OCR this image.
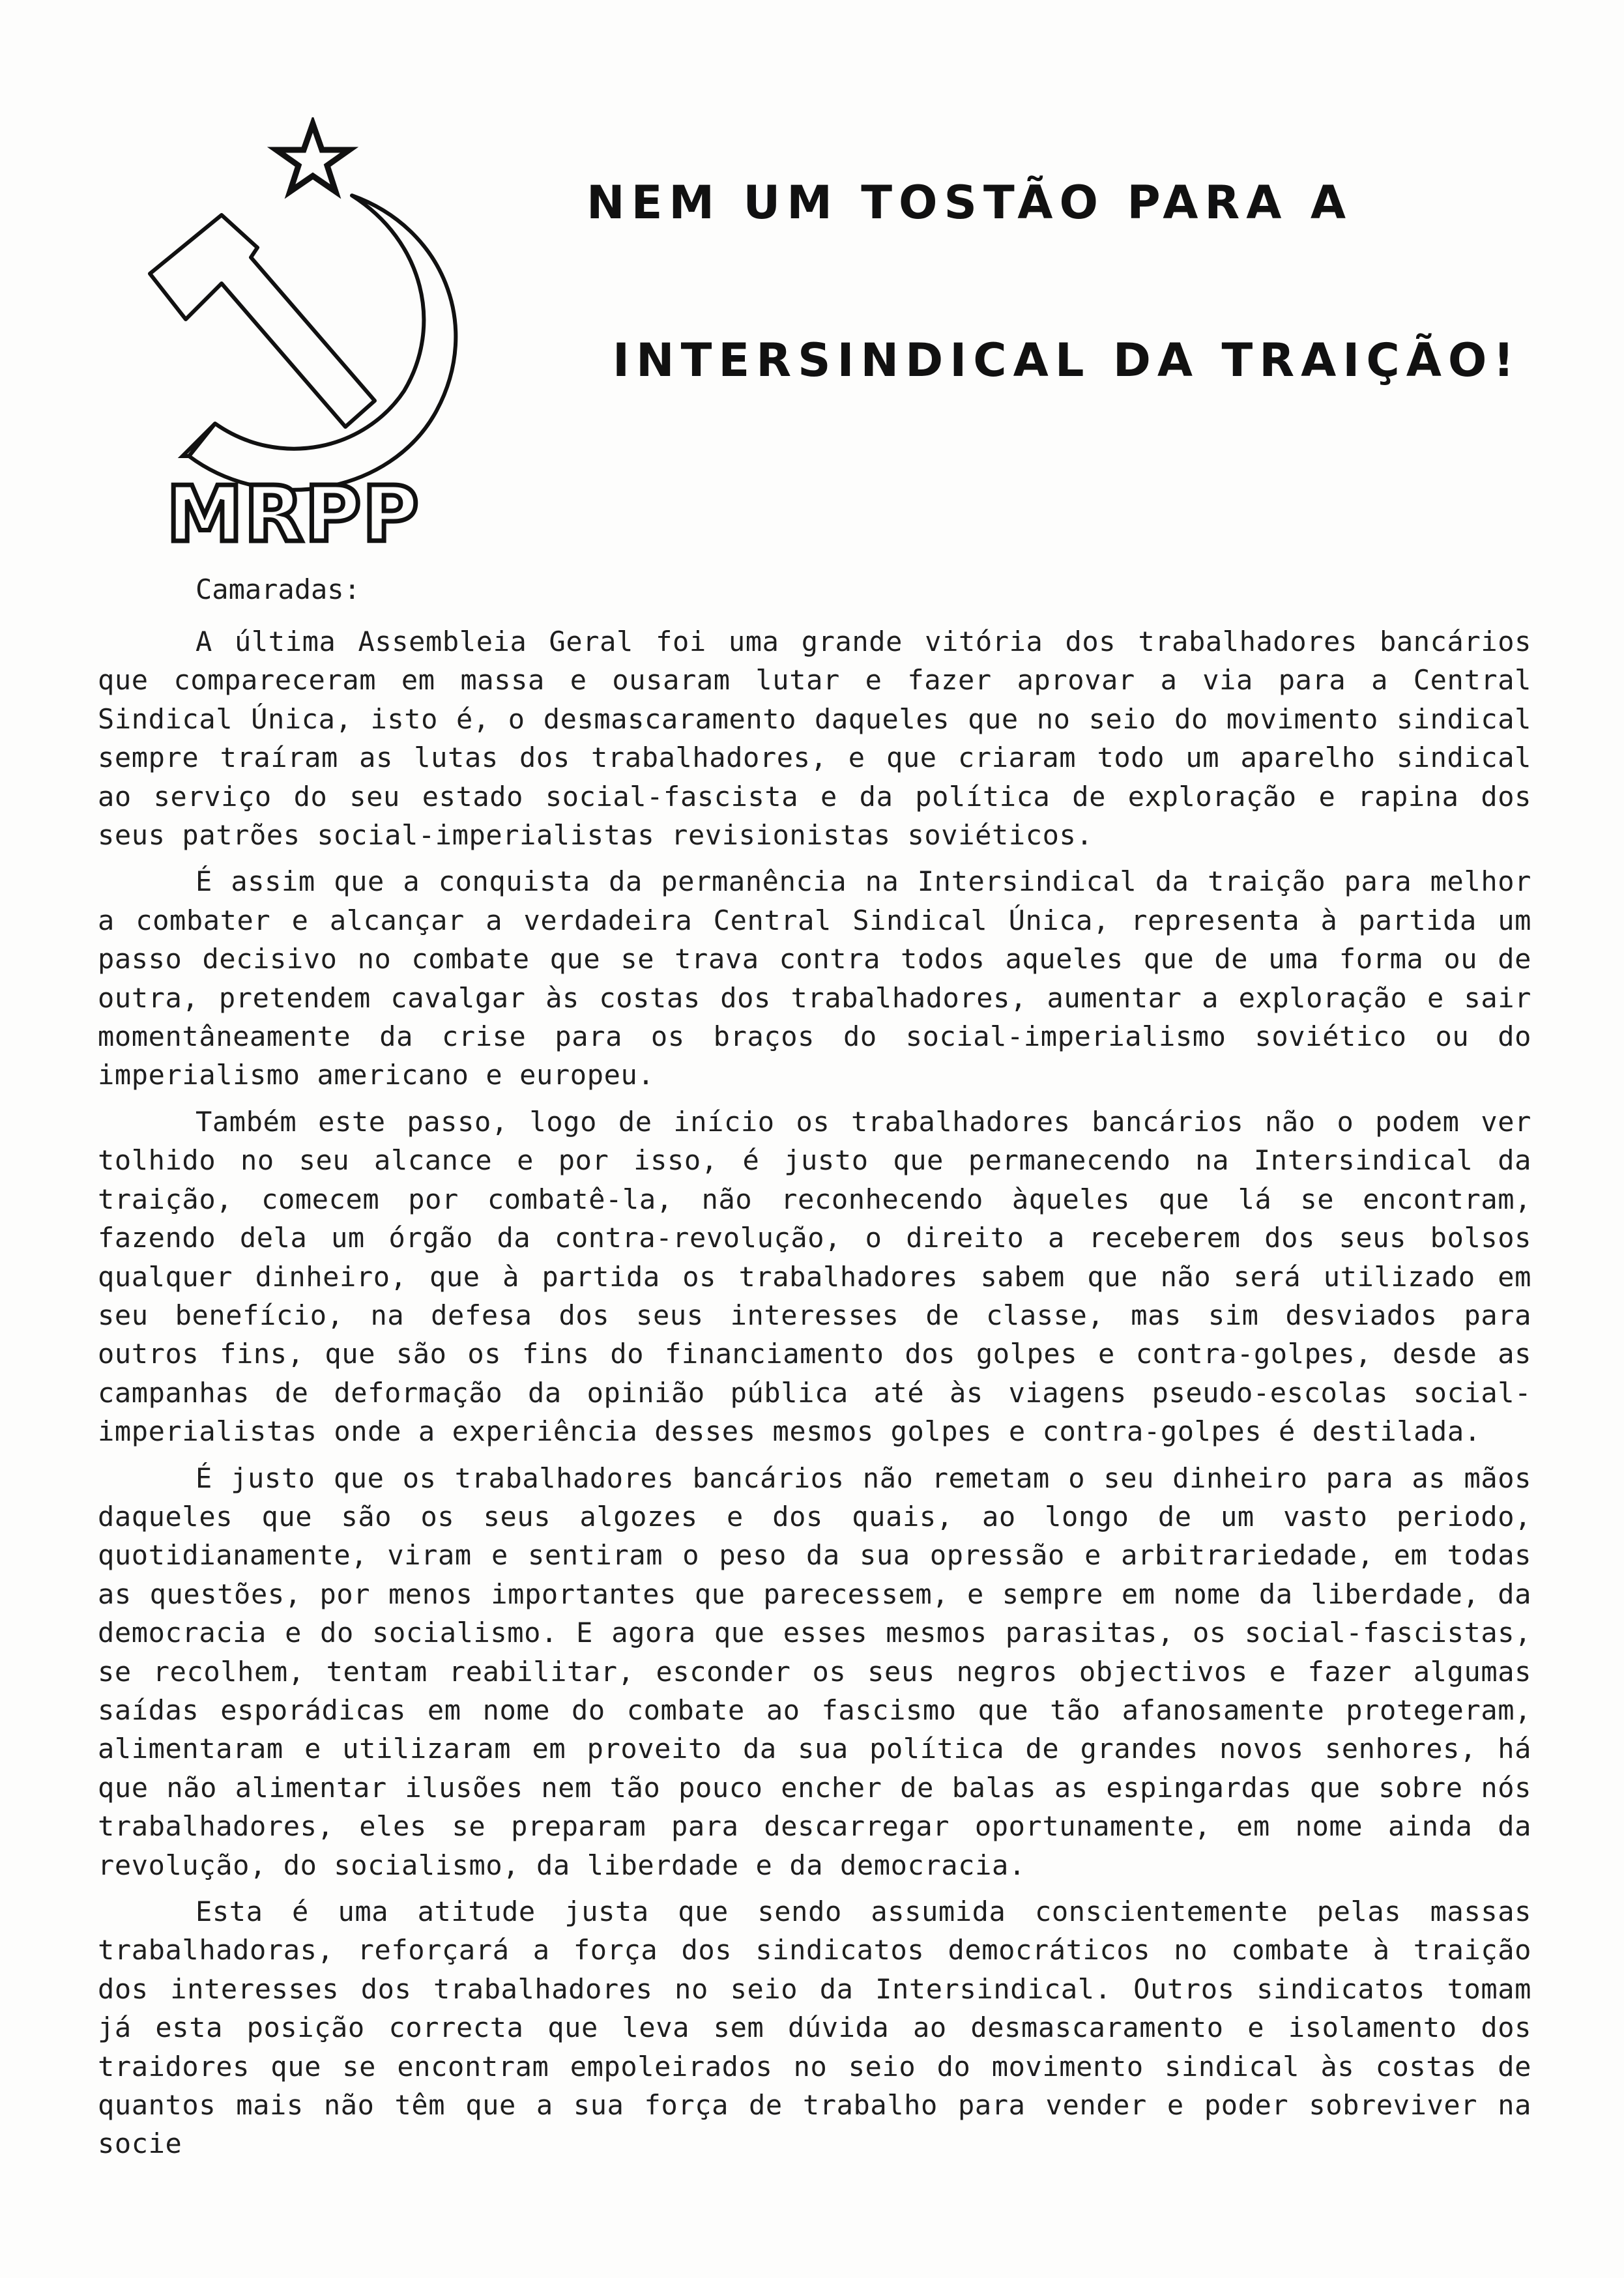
MRPP
NEM UM TOSTÃO PARA A
INTERSINDICAL DA TRAIÇÃO!

Camaradas:

A última Assembleia Geral foi uma grande vitória dos trabalhadores bancários que compareceram em massa e ousaram lutar e fazer aprovar a via para a Central Sindical Única, isto é, o desmascaramento daqueles que no seio do movimento sindical sempre traíram as lutas dos trabalhadores, e que criaram todo um aparelho sindical ao serviço do seu estado social-fascista e da política de exploração e rapina dos seus patrões social-imperialistas revisionistas soviéticos.

É assim que a conquista da permanência na Intersindical da traição para melhor a combater e alcançar a verdadeira Central Sindical Única, representa à partida um passo decisivo no combate que se trava contra todos aqueles que de uma forma ou de outra, pretendem cavalgar às costas dos trabalhadores, aumentar a exploração e sair momentâneamente da crise para os braços do social-imperialismo soviético ou do imperialismo americano e europeu.

Também este passo, logo de início os trabalhadores bancários não o podem ver tolhido no seu alcance e por isso, é justo que permanecendo na Intersindical da traição, comecem por combatê-la, não reconhecendo àqueles que lá se encontram, fazendo dela um órgão da contra-revolução, o direito a receberem dos seus bolsos qualquer dinheiro, que à partida os trabalhadores sabem que não será utilizado em seu benefício, na defesa dos seus interesses de classe, mas sim desviados para outros fins, que são os fins do financiamento dos golpes e contra-golpes, desde as campanhas de deformação da opinião pública até às viagens pseudo-escolas social-imperialistas onde a experiência desses mesmos golpes e contra-golpes é destilada.

É justo que os trabalhadores bancários não remetam o seu dinheiro para as mãos daqueles que são os seus algozes e dos quais, ao longo de um vasto periodo, quotidianamente, viram e sentiram o peso da sua opressão e arbitrariedade, em todas as questões, por menos importantes que parecessem, e sempre em nome da liberdade, da democracia e do socialismo. E agora que esses mesmos parasitas, os social-fascistas, se recolhem, tentam reabilitar, esconder os seus negros objectivos e fazer algumas saídas esporádicas em nome do combate ao fascismo que tão afanosamente protegeram, alimentaram e utilizaram em proveito da sua política de grandes novos senhores, há que não alimentar ilusões nem tão pouco encher de balas as espingardas que sobre nós trabalhadores, eles se preparam para descarregar oportunamente, em nome ainda da revolução, do socialismo, da liberdade e da democracia.

Esta é uma atitude justa que sendo assumida conscientemente pelas massas trabalhadoras, reforçará a força dos sindicatos democráticos no combate à traição dos interesses dos trabalhadores no seio da Intersindical. Outros sindicatos tomam já esta posição correcta que leva sem dúvida ao desmascaramento e isolamento dos traidores que se encontram empoleirados no seio do movimento sindical às costas de quantos mais não têm que a sua força de trabalho para vender e poder sobreviver na socie
